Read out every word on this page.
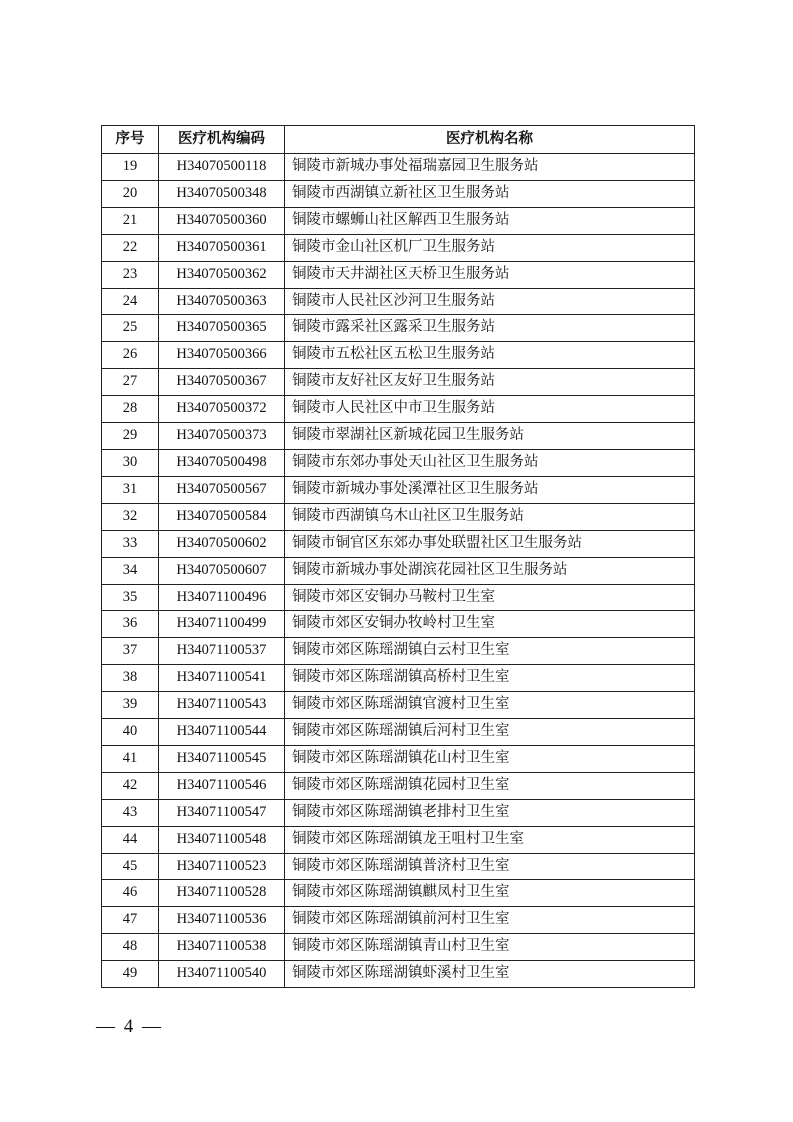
序号	医疗机构编码	医疗机构名称
19	H34070500118	铜陵市新城办事处福瑞嘉园卫生服务站
20	H34070500348	铜陵市西湖镇立新社区卫生服务站
21	H34070500360	铜陵市螺蛳山社区解西卫生服务站
22	H34070500361	铜陵市金山社区机厂卫生服务站
23	H34070500362	铜陵市天井湖社区天桥卫生服务站
24	H34070500363	铜陵市人民社区沙河卫生服务站
25	H34070500365	铜陵市露采社区露采卫生服务站
26	H34070500366	铜陵市五松社区五松卫生服务站
27	H34070500367	铜陵市友好社区友好卫生服务站
28	H34070500372	铜陵市人民社区中市卫生服务站
29	H34070500373	铜陵市翠湖社区新城花园卫生服务站
30	H34070500498	铜陵市东郊办事处天山社区卫生服务站
31	H34070500567	铜陵市新城办事处溪潭社区卫生服务站
32	H34070500584	铜陵市西湖镇乌木山社区卫生服务站
33	H34070500602	铜陵市铜官区东郊办事处联盟社区卫生服务站
34	H34070500607	铜陵市新城办事处湖滨花园社区卫生服务站
35	H34071100496	铜陵市郊区安铜办马鞍村卫生室
36	H34071100499	铜陵市郊区安铜办牧岭村卫生室
37	H34071100537	铜陵市郊区陈瑶湖镇白云村卫生室
38	H34071100541	铜陵市郊区陈瑶湖镇高桥村卫生室
39	H34071100543	铜陵市郊区陈瑶湖镇官渡村卫生室
40	H34071100544	铜陵市郊区陈瑶湖镇后河村卫生室
41	H34071100545	铜陵市郊区陈瑶湖镇花山村卫生室
42	H34071100546	铜陵市郊区陈瑶湖镇花园村卫生室
43	H34071100547	铜陵市郊区陈瑶湖镇老排村卫生室
44	H34071100548	铜陵市郊区陈瑶湖镇龙王咀村卫生室
45	H34071100523	铜陵市郊区陈瑶湖镇普济村卫生室
46	H34071100528	铜陵市郊区陈瑶湖镇麒凤村卫生室
47	H34071100536	铜陵市郊区陈瑶湖镇前河村卫生室
48	H34071100538	铜陵市郊区陈瑶湖镇青山村卫生室
49	H34071100540	铜陵市郊区陈瑶湖镇虾溪村卫生室
— 4 —
